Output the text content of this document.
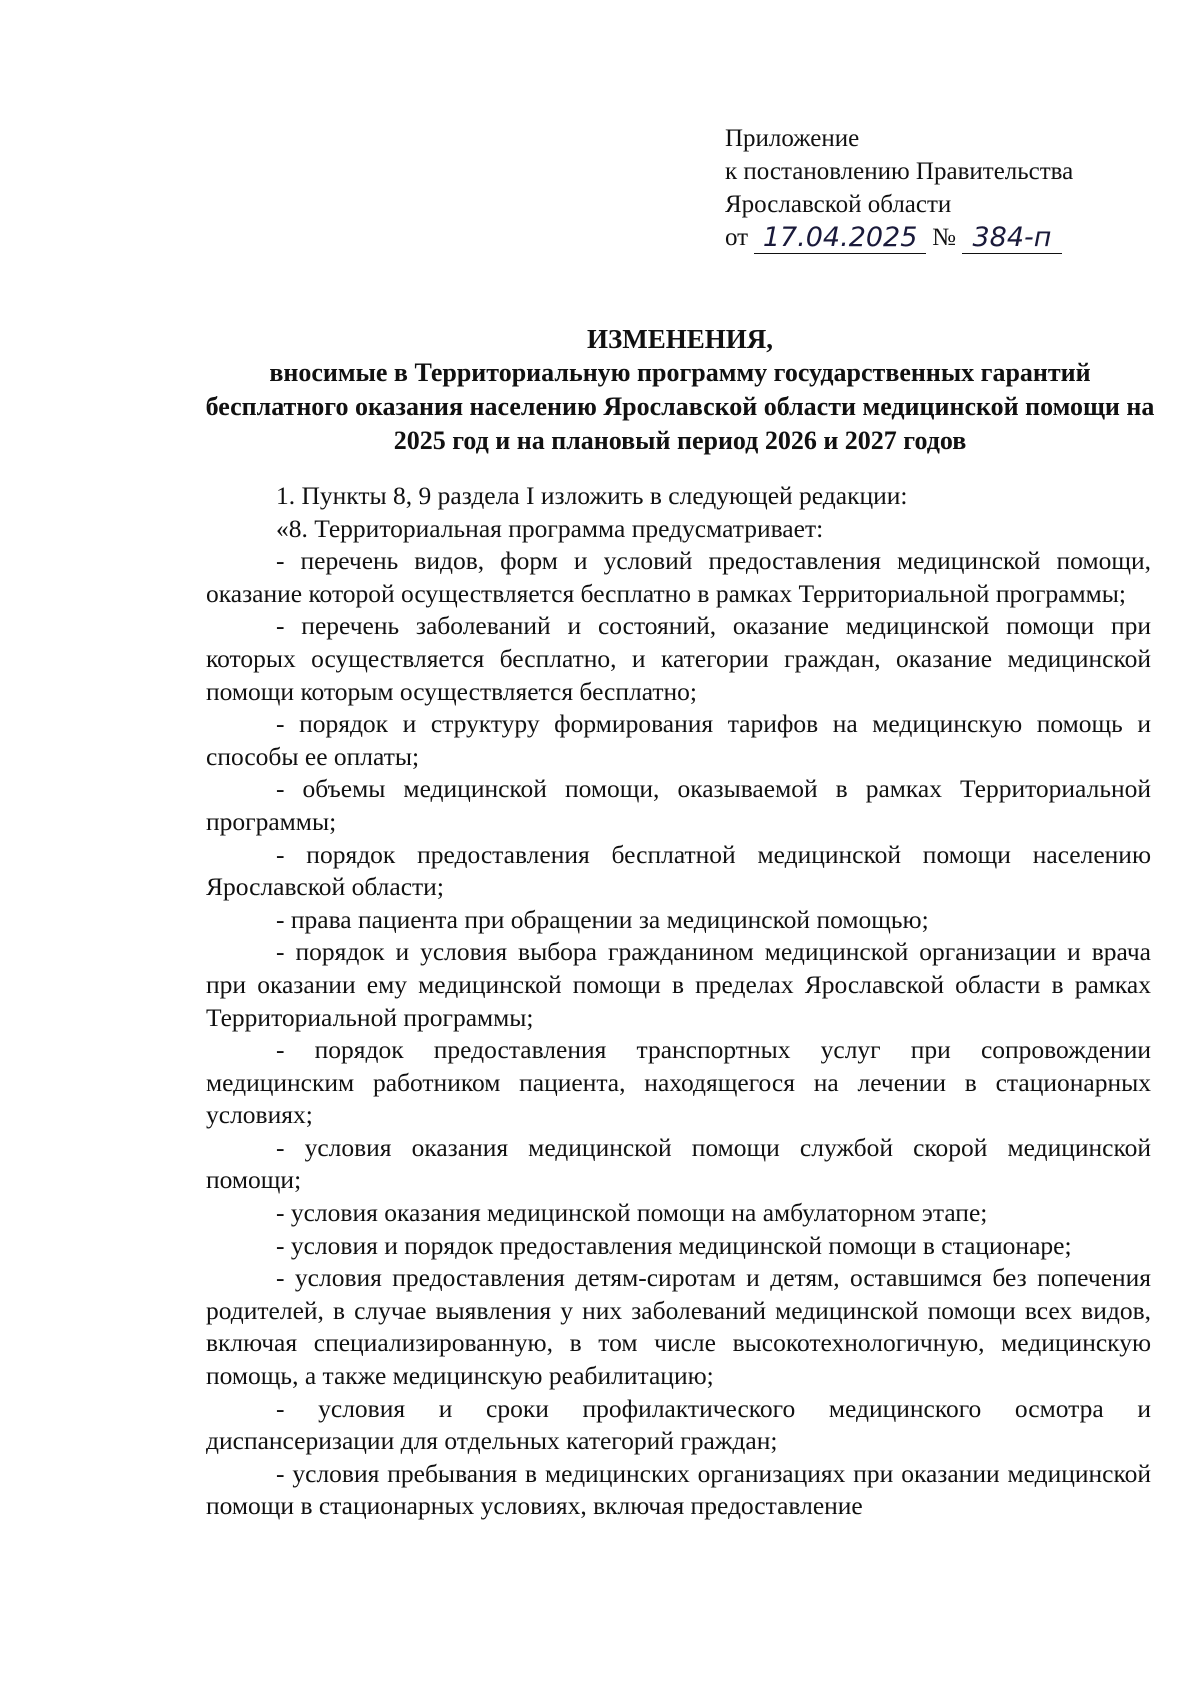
Приложение
к постановлению Правительства
Ярославской области
от 17.04.2025 № 384-п
ИЗМЕНЕНИЯ,
вносимые в Территориальную программу государственных гарантий бесплатного оказания населению Ярославской области медицинской помощи на 2025 год и на плановый период 2026 и 2027 годов

1. Пункты 8, 9 раздела I изложить в следующей редакции:

«8. Территориальная программа предусматривает:

- перечень видов, форм и условий предоставления медицинской помощи, оказание которой осуществляется бесплатно в рамках Территориальной программы;

- перечень заболеваний и состояний, оказание медицинской помощи при которых осуществляется бесплатно, и категории граждан, оказание медицинской помощи которым осуществляется бесплатно;

- порядок и структуру формирования тарифов на медицинскую помощь и способы ее оплаты;

- объемы медицинской помощи, оказываемой в рамках Территориальной программы;

- порядок предоставления бесплатной медицинской помощи населению Ярославской области;

- права пациента при обращении за медицинской помощью;

- порядок и условия выбора гражданином медицинской организации и врача при оказании ему медицинской помощи в пределах Ярославской области в рамках Территориальной программы;

- порядок предоставления транспортных услуг при сопровождении медицинским работником пациента, находящегося на лечении в стационарных условиях;

- условия оказания медицинской помощи службой скорой медицинской помощи;

- условия оказания медицинской помощи на амбулаторном этапе;

- условия и порядок предоставления медицинской помощи в стационаре;

- условия предоставления детям-сиротам и детям, оставшимся без попечения родителей, в случае выявления у них заболеваний медицинской помощи всех видов, включая специализированную, в том числе высокотехнологичную, медицинскую помощь, а также медицинскую реабилитацию;

- условия и сроки профилактического медицинского осмотра и диспансеризации для отдельных категорий граждан;

- условия пребывания в медицинских организациях при оказании медицинской помощи в стационарных условиях, включая предоставление
